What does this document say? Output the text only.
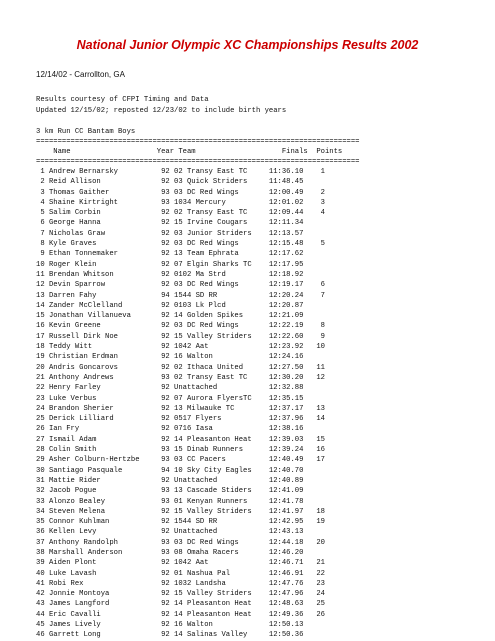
National Junior Olympic XC Championships Results 2002
12/14/02 - Carrollton, GA
Results courtesy of CFPI Timing and Data
Updated 12/15/02; reposted 12/23/02 to include birth years
3 km Run CC Bantam Boys
===========================================================================
Name                    Year Team                    Finals  Points
===========================================================================
1 Andrew Bernarsky          92 02 Transy East TC     11:36.10    1
2 Reid Allison              92 03 Quick Striders     11:48.45
3 Thomas Gaither            93 03 DC Red Wings       12:00.49    2
4 Shaine Kirtright          93 1034 Mercury          12:01.02    3
5 Salim Corbin              92 02 Transy East TC     12:09.44    4
6 George Hanna              92 15 Irvine Cougars     12:11.34
7 Nicholas Graw             92 03 Junior Striders    12:13.57
8 Kyle Graves               92 03 DC Red Wings       12:15.48    5
9 Ethan Tonnemaker          92 13 Team Ephrata       12:17.62
10 Roger Klein               92 07 Elgin Sharks TC    12:17.95
11 Brendan Whitson           92 0102 Ma Strd          12:18.92
12 Devin Sparrow             92 03 DC Red Wings       12:19.17    6
13 Darren Fahy               94 1544 SD RR            12:20.24    7
14 Zander McClelland         92 0103 Lk Plcd          12:20.87
15 Jonathan Villanueva       92 14 Golden Spikes      12:21.09
16 Kevin Greene              92 03 DC Red Wings       12:22.19    8
17 Russell Dirk Noe          92 15 Valley Striders    12:22.60    9
18 Teddy Witt                92 1042 Aat              12:23.92   10
19 Christian Erdman          92 16 Walton             12:24.16
20 Andris Goncarovs          92 02 Ithaca United      12:27.50   11
21 Anthony Andrews           93 02 Transy East TC     12:30.20   12
22 Henry Farley              92 Unattached            12:32.88
23 Luke Verbus               92 07 Aurora FlyersTC    12:35.15
24 Brandon Sherier           92 13 Milwauke TC        12:37.17   13
25 Derick Lilliard           92 0517 Flyers           12:37.96   14
26 Ian Fry                   92 0716 Iasa             12:38.16
27 Ismail Adam               92 14 Pleasanton Heat    12:39.03   15
28 Colin Smith               93 15 Dinab Runners      12:39.24   16
29 Asher Colburn-Hertzbe     93 03 CC Pacers          12:40.49   17
30 Santiago Pasquale         94 10 Sky City Eagles    12:40.70
31 Mattie Rider              92 Unattached            12:40.89
32 Jacob Pogue               93 13 Cascade Stiders    12:41.09
33 Alonzo Bealey             93 01 Kenyan Runners     12:41.78
34 Steven Melena             92 15 Valley Striders    12:41.97   18
35 Connor Kuhlman            92 1544 SD RR            12:42.95   19
36 Kellen Levy               92 Unattached            12:43.13
37 Anthony Randolph          93 03 DC Red Wings       12:44.18   20
38 Marshall Anderson         93 08 Omaha Racers       12:46.20
39 Aiden Plont               92 1042 Aat              12:46.71   21
40 Luke Lavash               92 01 Nashua Pal         12:46.91   22
41 Robi Rex                  92 1032 Landsha          12:47.76   23
42 Jonnie Montoya            92 15 Valley Striders    12:47.96   24
43 James Langford            92 14 Pleasanton Heat    12:48.63   25
44 Eric Cavalli              92 14 Pleasanton Heat    12:49.36   26
45 James Lively              92 16 Walton             12:50.13
46 Garrett Long              92 14 Salinas Valley     12:50.36
